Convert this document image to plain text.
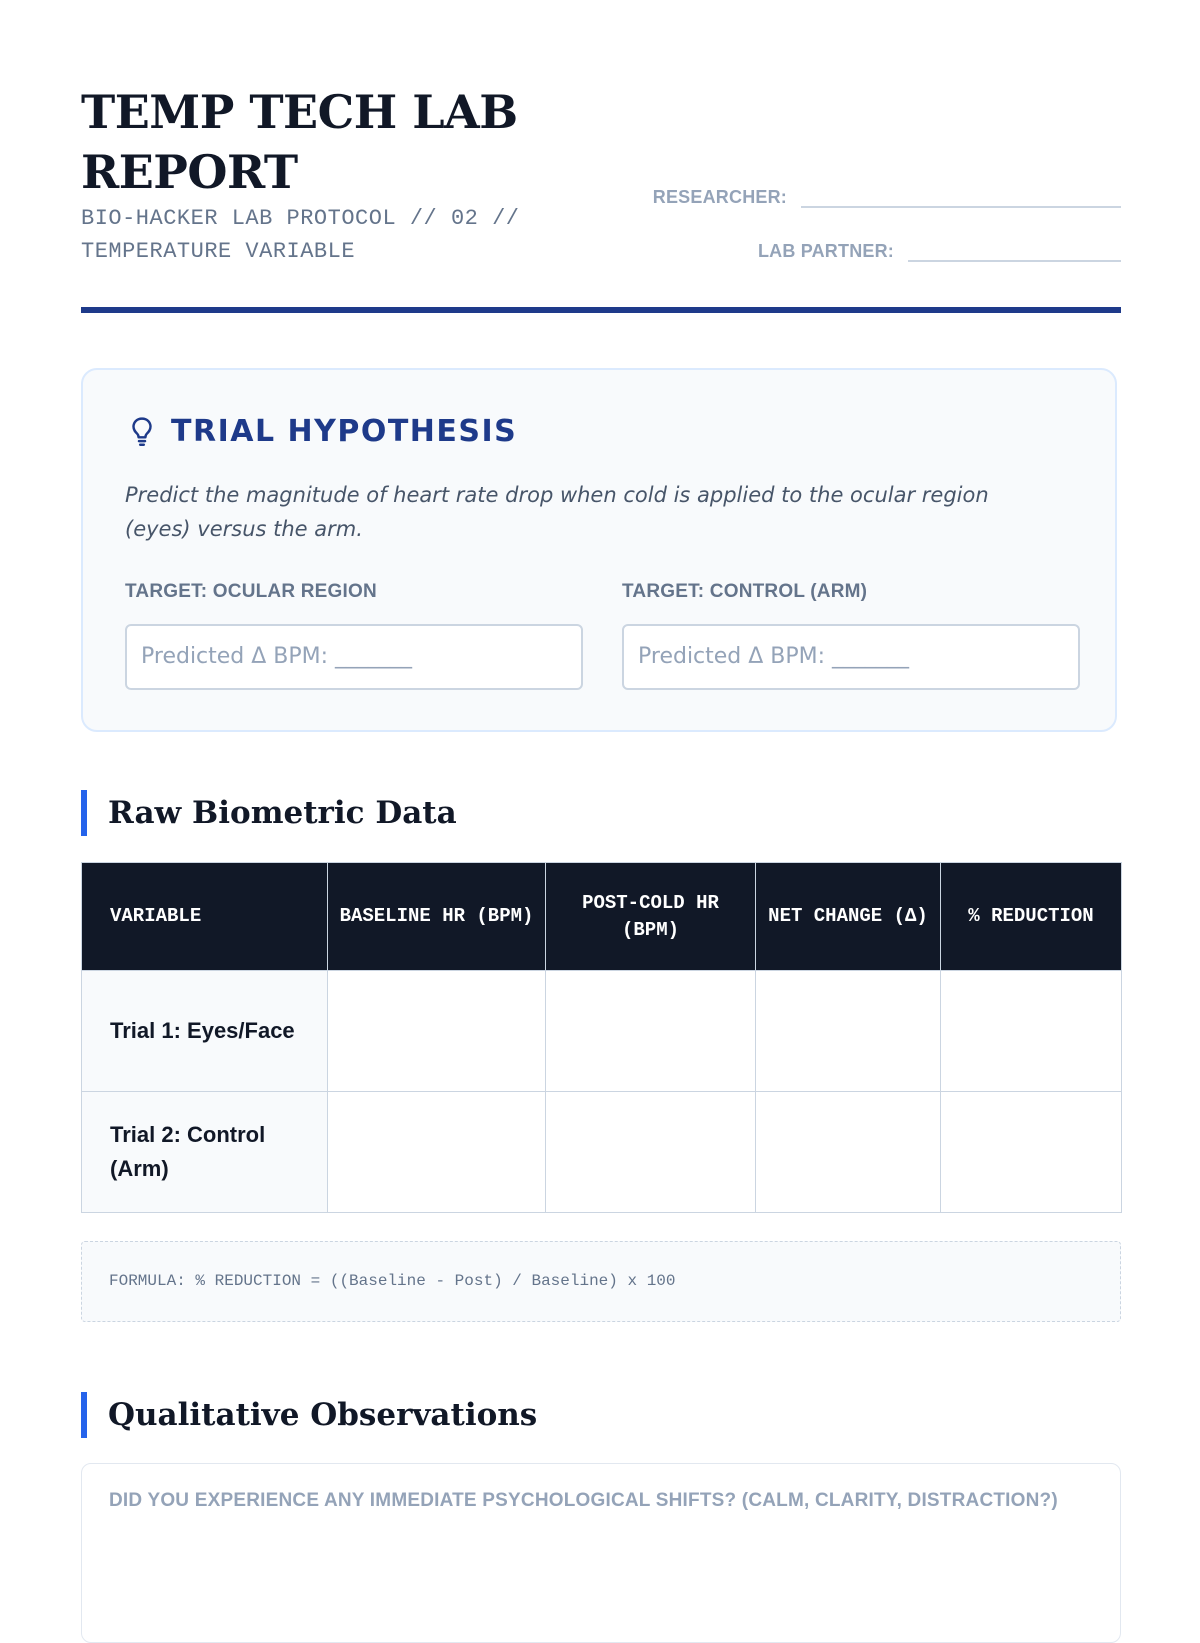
TEMP TECH LAB REPORT
BIO-HACKER LAB PROTOCOL // 02 // TEMPERATURE VARIABLE
RESEARCHER:
LAB PARTNER:
TRIAL HYPOTHESIS
Predict the magnitude of heart rate drop when cold is applied to the ocular region (eyes) versus the arm.
TARGET: OCULAR REGION
Predicted Δ BPM: _______
TARGET: CONTROL (ARM)
Predicted Δ BPM: _______
Raw Biometric Data
VARIABLE	BASELINE HR (BPM)	POST-COLD HR (BPM)	NET CHANGE (Δ)	% REDUCTION
Trial 1: Eyes/Face				
Trial 2: Control (Arm)				
FORMULA: % REDUCTION = ((Baseline - Post) / Baseline) x 100
Qualitative Observations
DID YOU EXPERIENCE ANY IMMEDIATE PSYCHOLOGICAL SHIFTS? (CALM, CLARITY, DISTRACTION?)
